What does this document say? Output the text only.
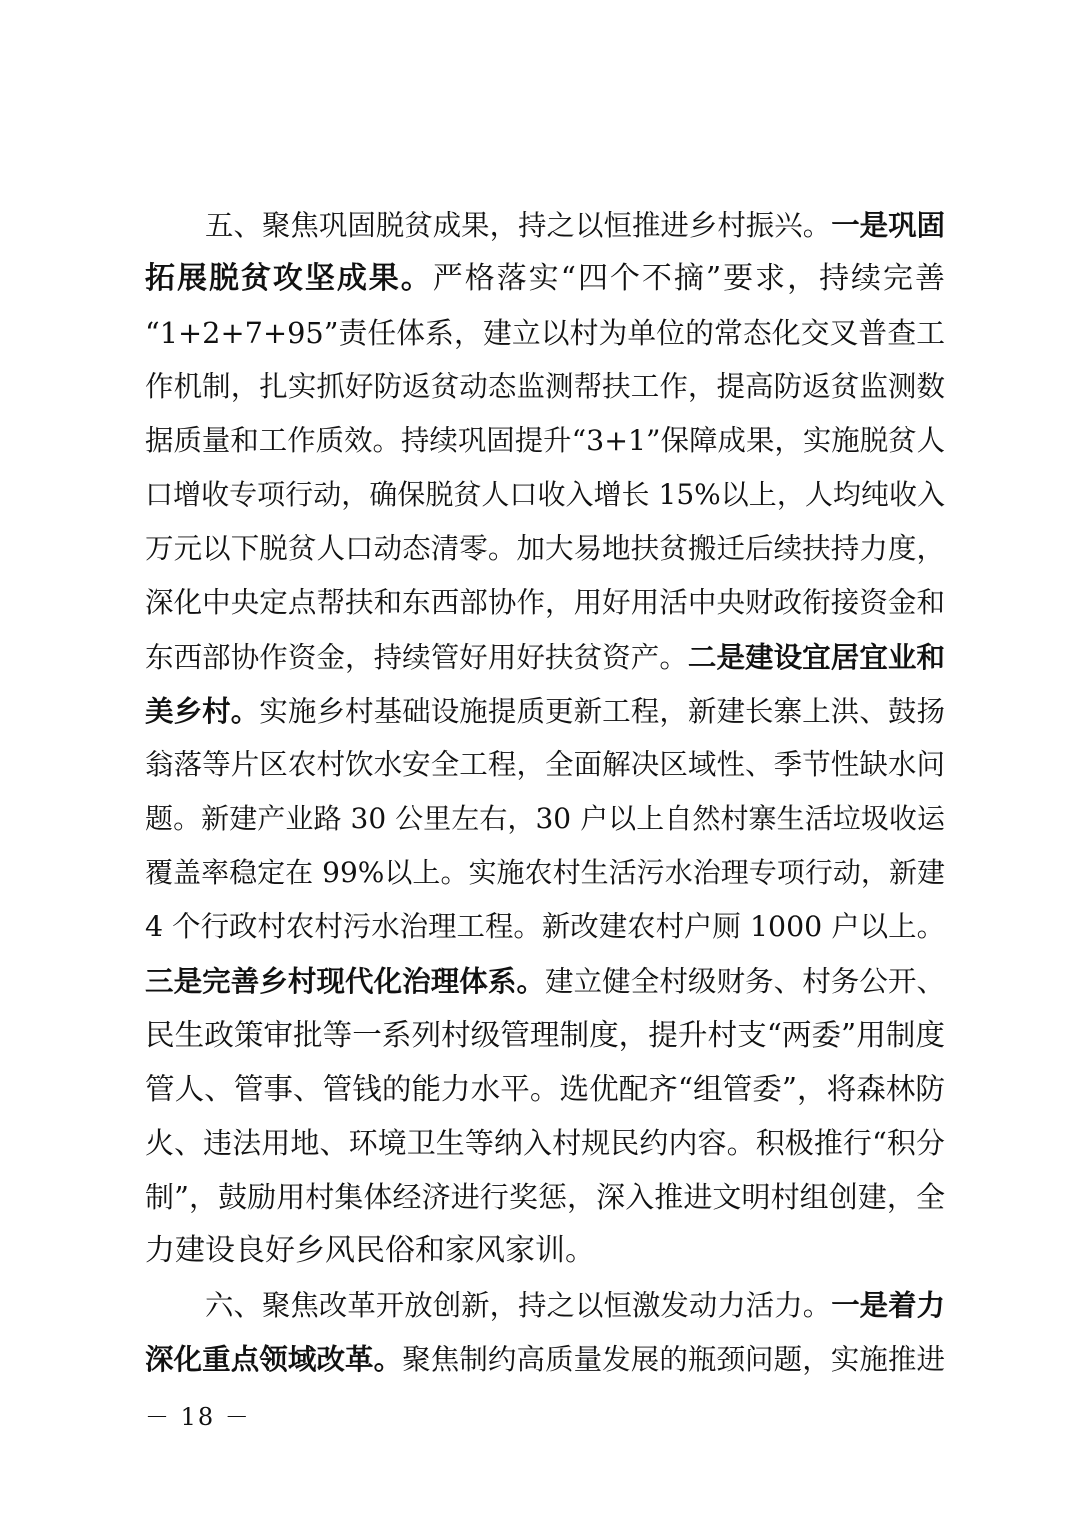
五、聚焦巩固脱贫成果，持之以恒推进乡村振兴。一是巩固
拓展脱贫攻坚成果。严格落实“四个不摘”要求，持续完善
“1+2+7+95”责任体系，建立以村为单位的常态化交叉普查工
作机制，扎实抓好防返贫动态监测帮扶工作，提高防返贫监测数
据质量和工作质效。持续巩固提升“3+1”保障成果，实施脱贫人
口增收专项行动，确保脱贫人口收入增长 15%以上，人均纯收入
万元以下脱贫人口动态清零。加大易地扶贫搬迁后续扶持力度，
深化中央定点帮扶和东西部协作，用好用活中央财政衔接资金和
东西部协作资金，持续管好用好扶贫资产。二是建设宜居宜业和
美乡村。实施乡村基础设施提质更新工程，新建长寨上洪、鼓扬
翁落等片区农村饮水安全工程，全面解决区域性、季节性缺水问
题。新建产业路 30 公里左右，30 户以上自然村寨生活垃圾收运
覆盖率稳定在 99%以上。实施农村生活污水治理专项行动，新建
4 个行政村农村污水治理工程。新改建农村户厕 1000 户以上。
三是完善乡村现代化治理体系。建立健全村级财务、村务公开、
民生政策审批等一系列村级管理制度，提升村支“两委”用制度
管人、管事、管钱的能力水平。选优配齐“组管委”，将森林防
火、违法用地、环境卫生等纳入村规民约内容。积极推行“积分
制”，鼓励用村集体经济进行奖惩，深入推进文明村组创建，全
力建设良好乡风民俗和家风家训。
六、聚焦改革开放创新，持之以恒激发动力活力。一是着力
深化重点领域改革。聚焦制约高质量发展的瓶颈问题，实施推进
－ 18 －
